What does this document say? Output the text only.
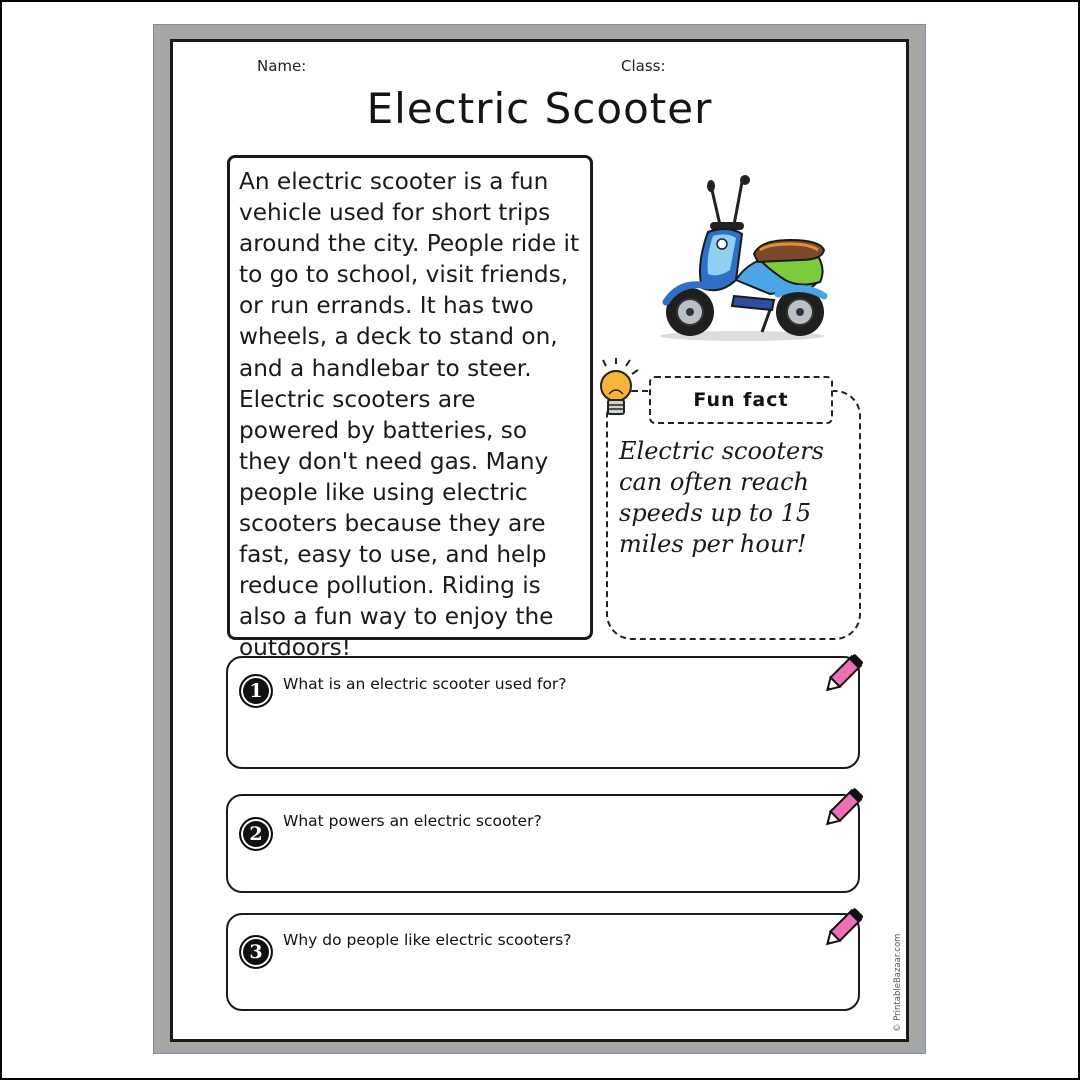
Name:	Class:
Electric Scooter
An electric scooter is a fun vehicle used for short trips around the city. People ride it to go to school, visit friends, or run errands. It has two wheels, a deck to stand on, and a handlebar to steer. Electric scooters are powered by batteries, so they don't need gas. Many people like using electric scooters because they are fast, easy to use, and help reduce pollution. Riding is also a fun way to enjoy the outdoors!
Fun fact
Electric scooters can often reach speeds up to 15 miles per hour!
1	What is an electric scooter used for?
2
What powers an electric scooter?
3
Why do people like electric scooters?	© PrintableBazaar.com
